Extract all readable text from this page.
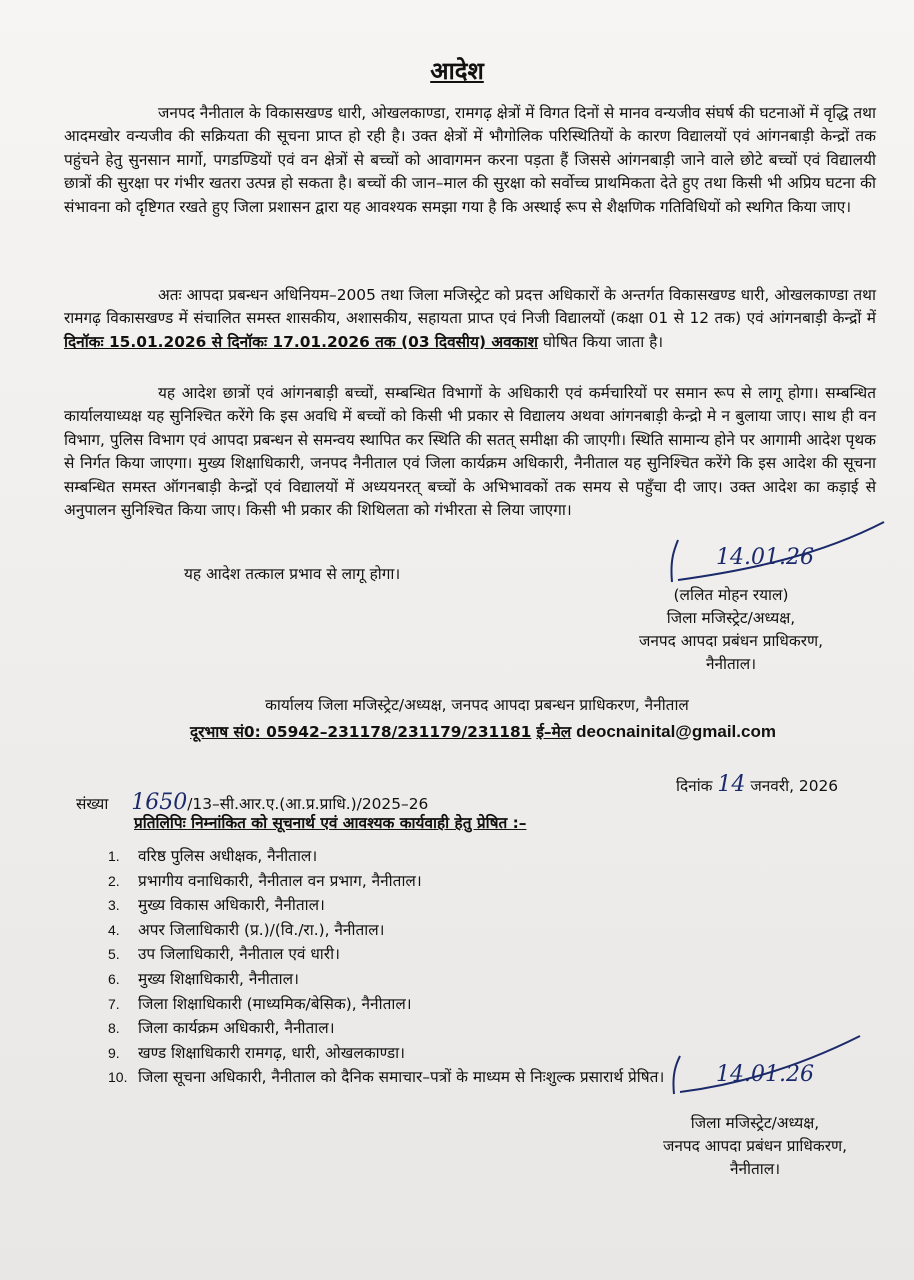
आदेश
जनपद नैनीताल के विकासखण्ड धारी, ओखलकाण्डा, रामगढ़ क्षेत्रों में विगत दिनों से मानव वन्यजीव संघर्ष की घटनाओं में वृद्धि तथा आदमखोर वन्यजीव की सक्रियता की सूचना प्राप्त हो रही है। उक्त क्षेत्रों में भौगोलिक परिस्थितियों के कारण विद्यालयों एवं आंगनबाड़ी केन्द्रों तक पहुंचने हेतु सुनसान मार्गो, पगडण्डियों एवं वन क्षेत्रों से बच्चों को आवागमन करना पड़ता हैं जिससे आंगनबाड़ी जाने वाले छोटे बच्चों एवं विद्यालयी छात्रों की सुरक्षा पर गंभीर खतरा उत्पन्न हो सकता है। बच्चों की जान–माल की सुरक्षा को सर्वोच्च प्राथमिकता देते हुए तथा किसी भी अप्रिय घटना की संभावना को दृष्टिगत रखते हुए जिला प्रशासन द्वारा यह आवश्यक समझा गया है कि अस्थाई रूप से शैक्षणिक गतिविधियों को स्थगित किया जाए।
अतः आपदा प्रबन्धन अधिनियम–2005 तथा जिला मजिस्ट्रेट को प्रदत्त अधिकारों के अन्तर्गत विकासखण्ड धारी, ओखलकाण्डा तथा रामगढ़ विकासखण्ड में संचालित समस्त शासकीय, अशासकीय, सहायता प्राप्त एवं निजी विद्यालयों (कक्षा 01 से 12 तक) एवं आंगनबाड़ी केन्द्रों में दिनॉकः 15.01.2026 से दिनॉकः 17.01.2026 तक (03 दिवसीय) अवकाश घोषित किया जाता है।
यह आदेश छात्रों एवं आंगनबाड़ी बच्चों, सम्बन्धित विभागों के अधिकारी एवं कर्मचारियों पर समान रूप से लागू होगा। सम्बन्धित कार्यालयाध्यक्ष यह सुनिश्चित करेंगे कि इस अवधि में बच्चों को किसी भी प्रकार से विद्यालय अथवा आंगनबाड़ी केन्द्रो मे न बुलाया जाए। साथ ही वन विभाग, पुलिस विभाग एवं आपदा प्रबन्धन से समन्वय स्थापित कर स्थिति की सतत् समीक्षा की जाएगी। स्थिति सामान्य होने पर आगामी आदेश पृथक से निर्गत किया जाएगा। मुख्य शिक्षाधिकारी, जनपद नैनीताल एवं जिला कार्यक्रम अधिकारी, नैनीताल यह सुनिश्चित करेंगे कि इस आदेश की सूचना सम्बन्धित समस्त ऑगनबाड़ी केन्द्रों एवं विद्यालयों में अध्ययनरत् बच्चों के अभिभावकों तक समय से पहुँचा दी जाए। उक्त आदेश का कड़ाई से अनुपालन सुनिश्चित किया जाए। किसी भी प्रकार की शिथिलता को गंभीरता से लिया जाएगा।
यह आदेश तत्काल प्रभाव से लागू होगा।
14.01.26
(ललित मोहन रयाल)
जिला मजिस्ट्रेट/अध्यक्ष,
जनपद आपदा प्रबंधन प्राधिकरण,
नैनीताल।
कार्यालय जिला मजिस्ट्रेट/अध्यक्ष, जनपद आपदा प्रबन्धन प्राधिकरण, नैनीताल
दूरभाष सं0: 05942–231178/231179/231181 ई–मेल deocnainital@gmail.com
दिनांक 14 जनवरी, 2026
संख्या 1650/13–सी.आर.ए.(आ.प्र.प्राधि.)/2025–26
प्रतिलिपिः निम्नांकित को सूचनार्थ एवं आवश्यक कार्यवाही हेतु प्रेषित :–
1. वरिष्ठ पुलिस अधीक्षक, नैनीताल।
2. प्रभागीय वनाधिकारी, नैनीताल वन प्रभाग, नैनीताल।
3. मुख्य विकास अधिकारी, नैनीताल।
4. अपर जिलाधिकारी (प्र.)/(वि./रा.), नैनीताल।
5. उप जिलाधिकारी, नैनीताल एवं धारी।
6. मुख्य शिक्षाधिकारी, नैनीताल।
7. जिला शिक्षाधिकारी (माध्यमिक/बेसिक), नैनीताल।
8. जिला कार्यक्रम अधिकारी, नैनीताल।
9. खण्ड शिक्षाधिकारी रामगढ़, धारी, ओखलकाण्डा।
10. जिला सूचना अधिकारी, नैनीताल को दैनिक समाचार–पत्रों के माध्यम से निःशुल्क प्रसारार्थ प्रेषित। 14.01.26
जिला मजिस्ट्रेट/अध्यक्ष,
जनपद आपदा प्रबंधन प्राधिकरण,
नैनीताल।
